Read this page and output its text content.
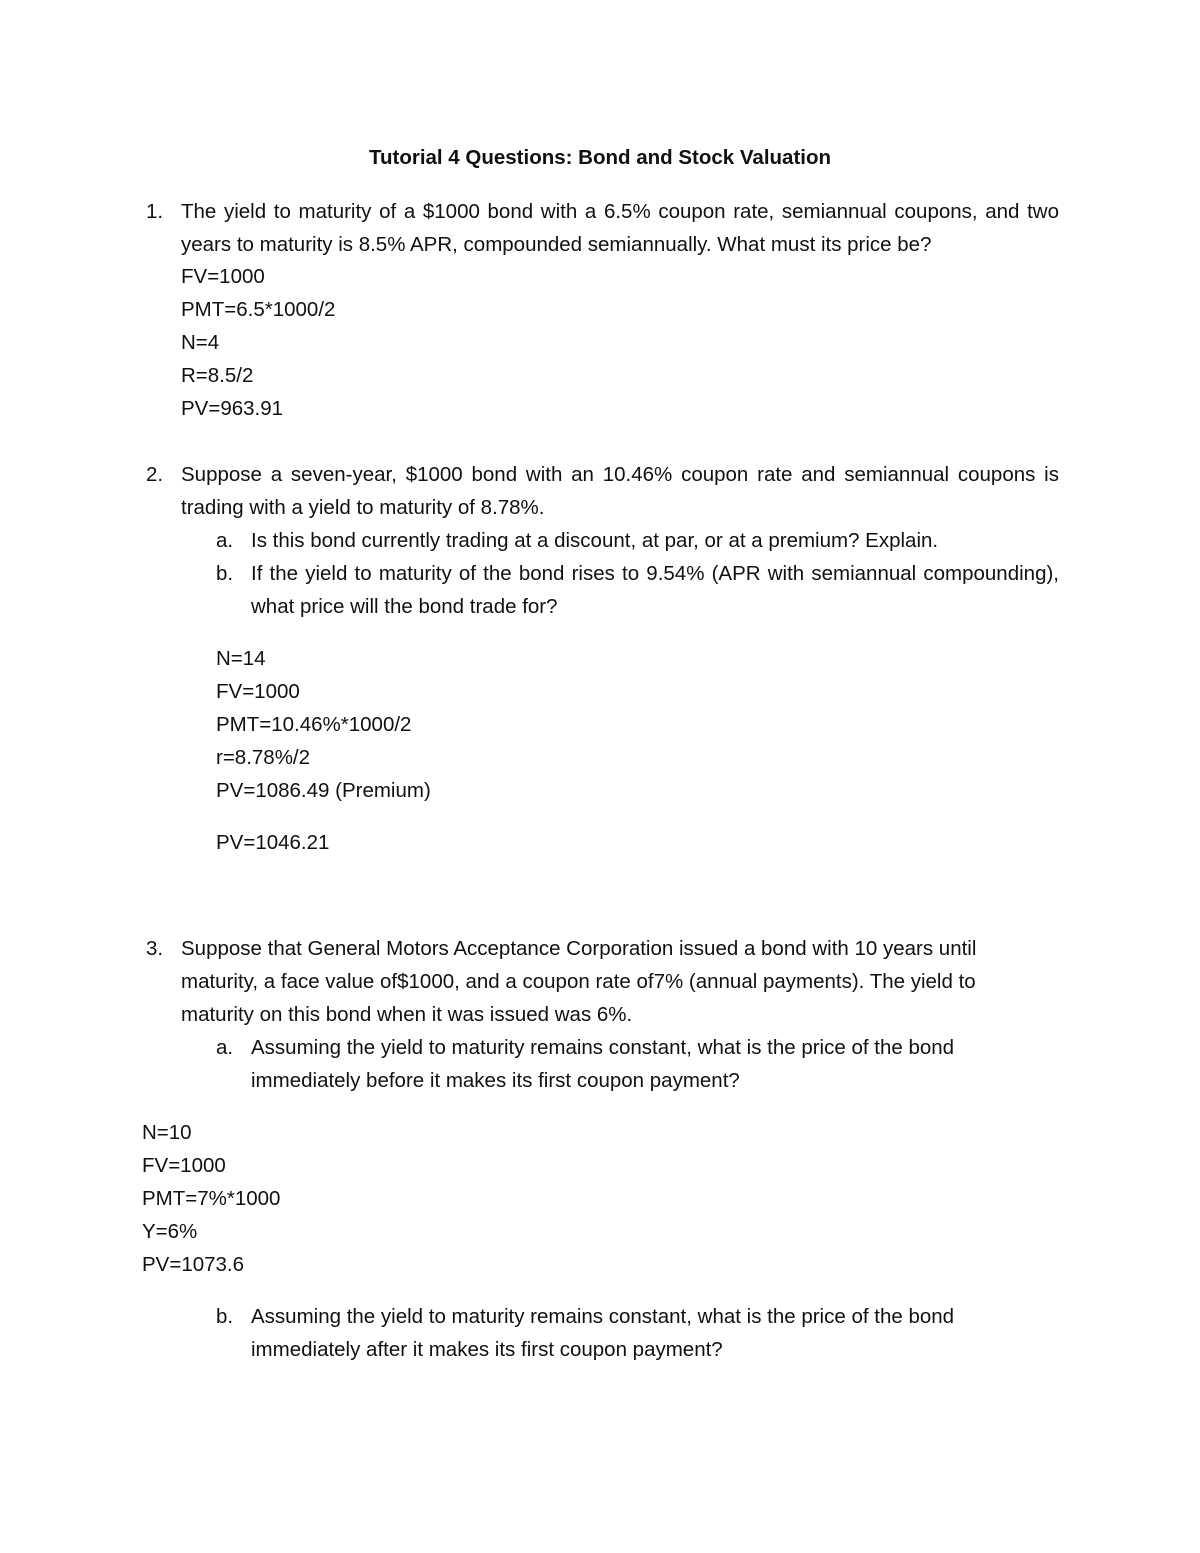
Tutorial 4 Questions: Bond and Stock Valuation
1. The yield to maturity of a $1000 bond with a 6.5% coupon rate, semiannual coupons, and two years to maturity is 8.5% APR, compounded semiannually. What must its price be?
FV=1000
PMT=6.5*1000/2
N=4
R=8.5/2
PV=963.91
2. Suppose a seven-year, $1000 bond with an 10.46% coupon rate and semiannual coupons is trading with a yield to maturity of 8.78%.
a. Is this bond currently trading at a discount, at par, or at a premium? Explain.
b. If the yield to maturity of the bond rises to 9.54% (APR with semiannual compounding), what price will the bond trade for?
N=14
FV=1000
PMT=10.46%*1000/2
r=8.78%/2
PV=1086.49 (Premium)
PV=1046.21
3. Suppose that General Motors Acceptance Corporation issued a bond with 10 years until maturity, a face value of$1000, and a coupon rate of7% (annual payments). The yield to maturity on this bond when it was issued was 6%.
a. Assuming the yield to maturity remains constant, what is the price of the bond immediately before it makes its first coupon payment?
N=10
FV=1000
PMT=7%*1000
Y=6%
PV=1073.6
b. Assuming the yield to maturity remains constant, what is the price of the bond immediately after it makes its first coupon payment?
